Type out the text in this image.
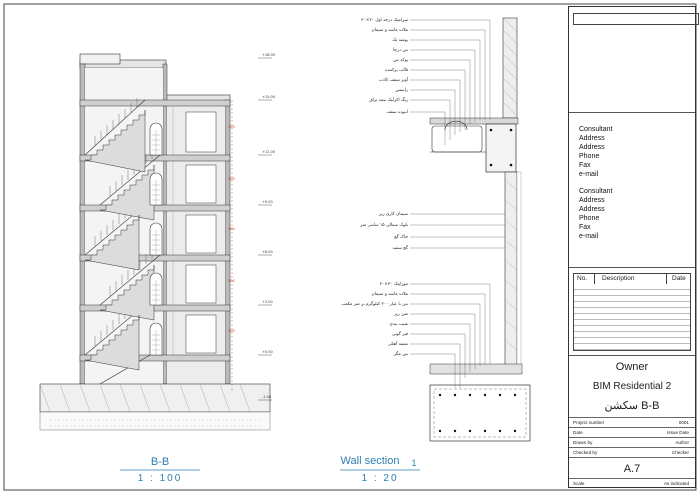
300
300
300
300
300
+18.00
+15.00
+12.00
+9.00
+6.00
+3.00
+0.00
-1.00
سرامیک درجه اول ۲۰×۲۰
ملات ماسه و سیمان
پوشه تک
بتن درجا
پوکه بتن
قالب پرکننده
آویز سقف کاذب
رابیتس
رنگ اکرلیک نیمه براق
انبوده سقف
سیمان کاری زبر
بلوک سفالی ۱۵ سانتی متر
خاک گچ
گچ سفید
موزاییک ۳۰×۳۰
ملات ماسه و سیمان
بتن با عیار ۲۰۰ کیلوگرم بر متر مکعب
شن ریز
شیب بندی
قیر گونی
شفته آهکی
بتن مگر
B-B
1 : 100
Wall section	1
1 : 20
Consultant
Address
Address
Phone
Fax
e-mail
Consultant
Address
Address
Phone
Fax
e-mail
No. Description	Date
Owner
BIM Residential 2
سکشن B-B
Project number	0001
Date	Issue Date
Drawn by	Author
Checked by	Checker
A.7
Scale	As indicated
